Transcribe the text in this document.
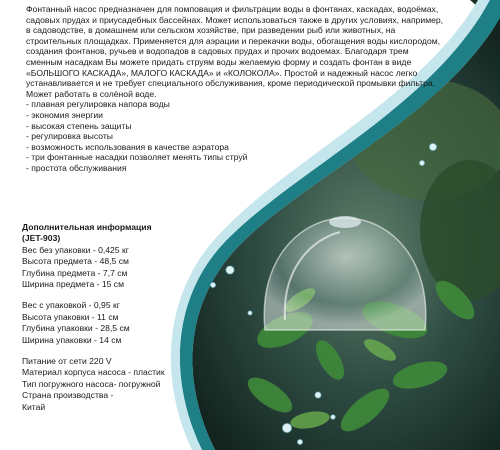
Фонтанный насос предназначен для помповация и фильтрации воды в фонтанах, каскадах, водоёмах, садовых прудах и приусадебных бассейнах. Может использоваться также в других условиях, например, в садоводстве, в домашнем или сельском хозяйстве, при разведении рыб или животных, на строительных площадках. Применяется для аэрации и перекачки воды, обогащения воды кислородом, создания фонтанов, ручьев и водопадов в садовых прудах и прочих водоемах. Благодаря трем сменным насадкам Вы можете придать струям воды желаемую форму и создать фонтан в виде «БОЛЬШОГО КАСКАДА», МАЛОГО КАСКАДА» и «КОЛОКОЛА». Простой и надежный насос легко устанавливается и не требует специального обслуживания, кроме периодической промывки фильтра.

Может работать в солёной воде.

- плавная регулировка напора воды
- экономия энергии
- высокая степень защиты
- регулировка высоты
- возможность использования в качестве аэратора
- три фонтанные насадки позволяет менять типы струй
- простота обслуживания
Дополнительная информация
(JET-903)
Вес без упаковки - 0,425 кг
Высота предмета - 48,5 см
Глубина предмета - 7,7 см
Ширина предмета - 15 см
Вес с упаковкой - 0,95 кг
Высота упаковки - 11 см
Глубина упаковки - 28,5 см
Ширина упаковки - 14 см
Питание от сети 220 V
Материал корпуса насоса - пластик
Тип погружного насоса- погружной
Страна производства -
Китай
